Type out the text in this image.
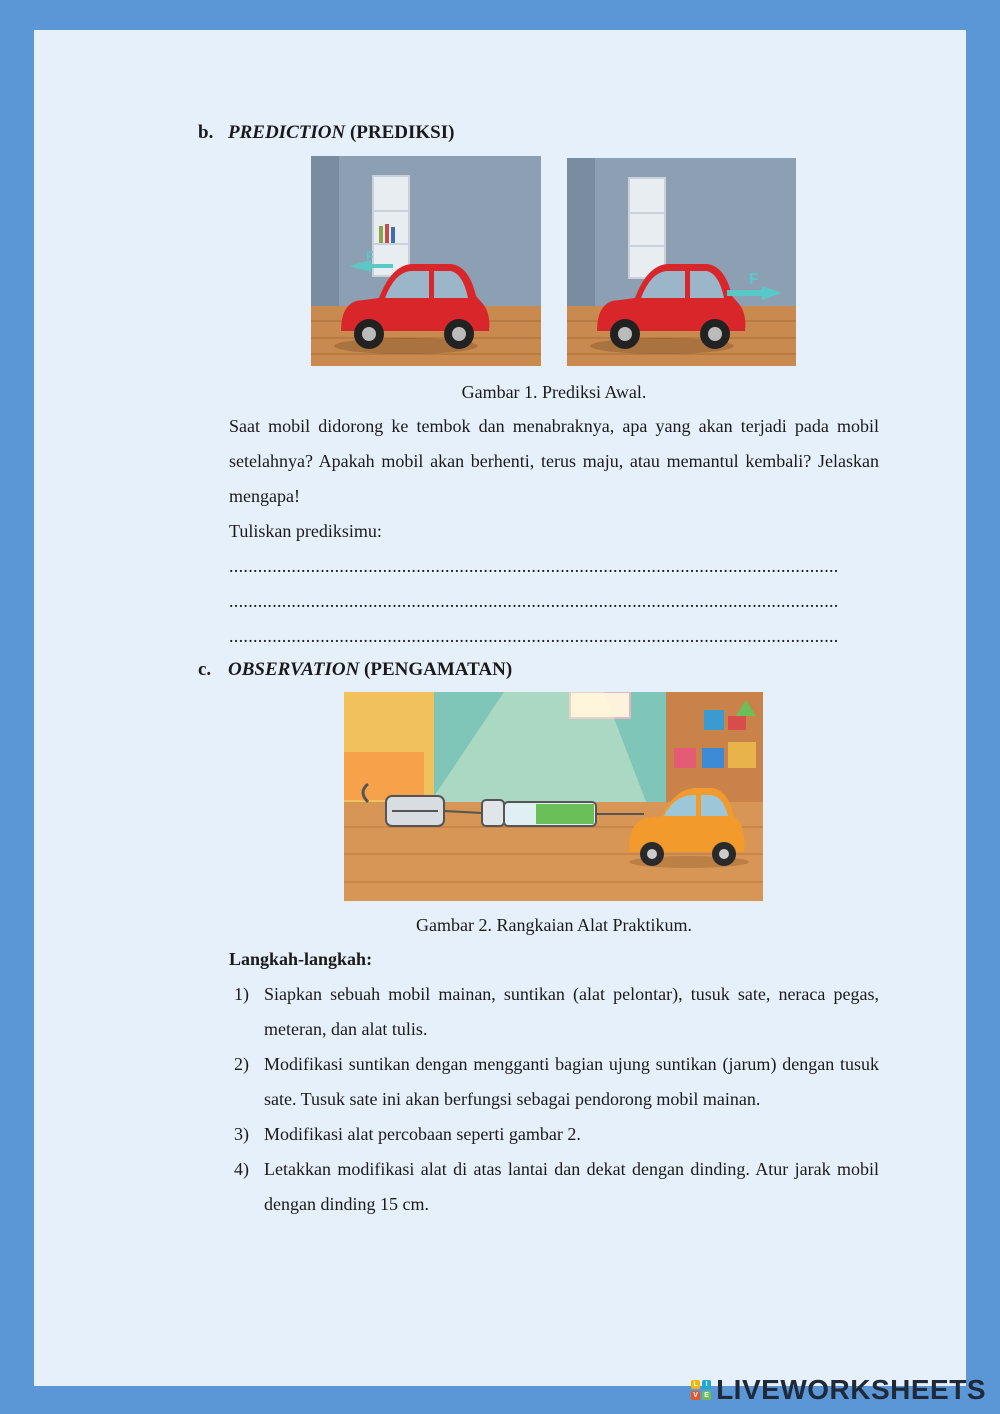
b. PREDICTION (PREDIKSI)
F
F
Gambar 1. Prediksi Awal.
Saat mobil didorong ke tembok dan menabraknya, apa yang akan terjadi pada mobil setelahnya? Apakah mobil akan berhenti, terus maju, atau memantul kembali? Jelaskan mengapa!
Tuliskan prediksimu:
...............................................................................................................................
...............................................................................................................................
...............................................................................................................................
c. OBSERVATION (PENGAMATAN)
Gambar 2. Rangkaian Alat Praktikum.
Langkah-langkah:
1) Siapkan sebuah mobil mainan, suntikan (alat pelontar), tusuk sate, neraca pegas, meteran, dan alat tulis.
2) Modifikasi suntikan dengan mengganti bagian ujung suntikan (jarum) dengan tusuk sate. Tusuk sate ini akan berfungsi sebagai pendorong mobil mainan.
3) Modifikasi alat percobaan seperti gambar 2.
4) Letakkan modifikasi alat di atas lantai dan dekat dengan dinding. Atur jarak mobil dengan dinding 15 cm.
L	I
V E LIVEWORKSHEETS
